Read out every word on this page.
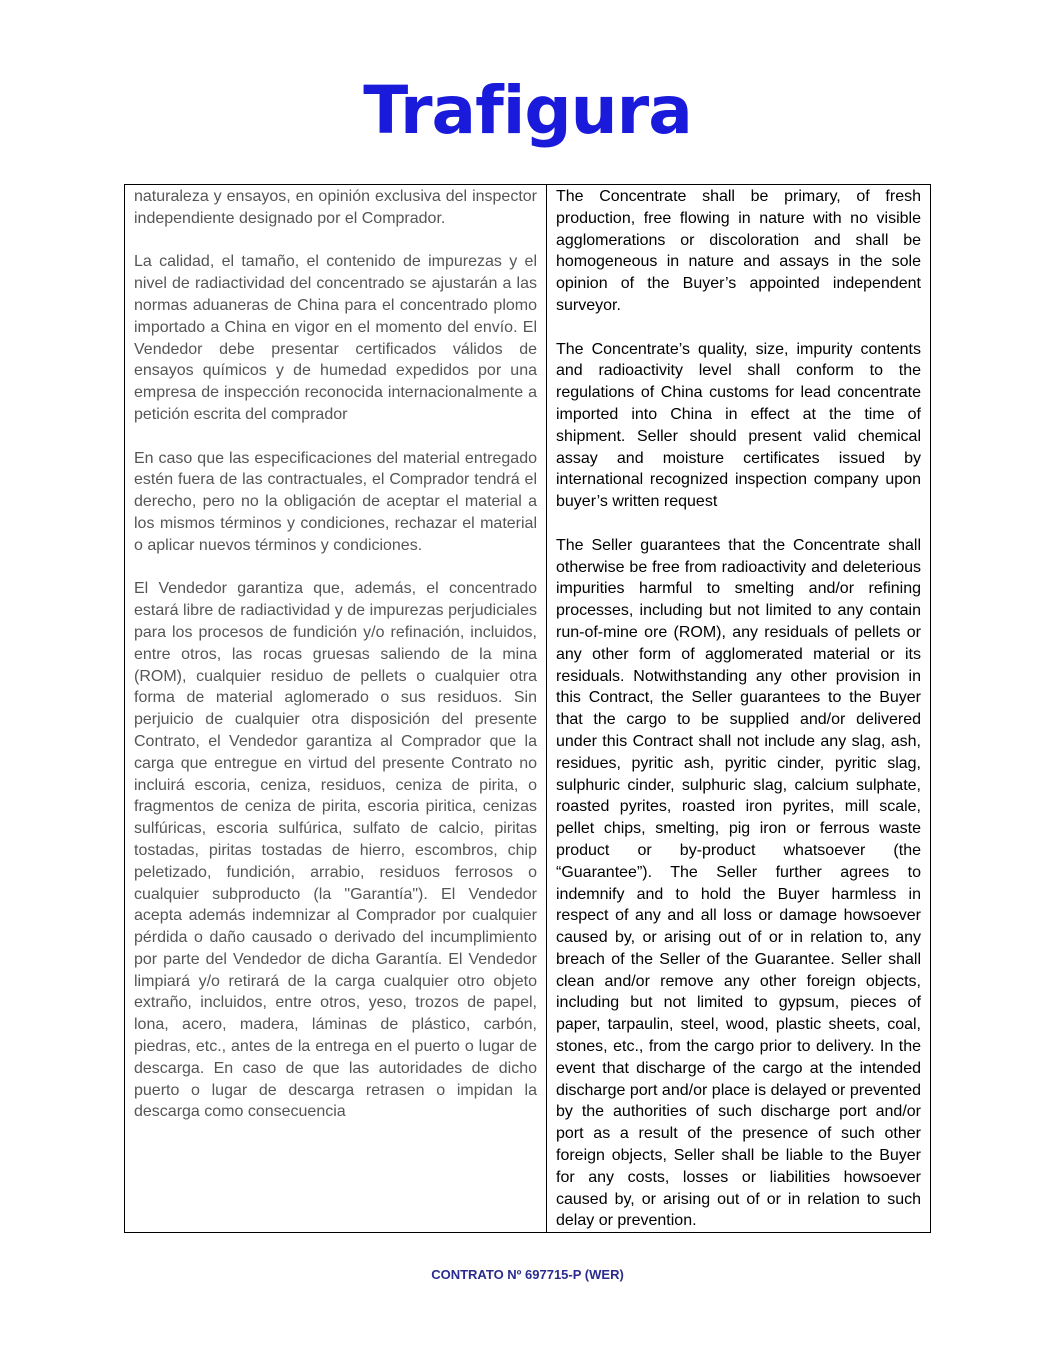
Trafigura

naturaleza y ensayos, en opinión exclusiva del inspector independiente designado por el Comprador.

La calidad, el tamaño, el contenido de impurezas y el nivel de radiactividad del concentrado se ajustarán a las normas aduaneras de China para el concentrado plomo importado a China en vigor en el momento del envío. El Vendedor debe presentar certificados válidos de ensayos químicos y de humedad expedidos por una empresa de inspección reconocida internacionalmente a petición escrita del comprador

En caso que las especificaciones del material entregado estén fuera de las contractuales, el Comprador tendrá el derecho, pero no la obligación de aceptar el material a los mismos términos y condiciones, rechazar el material o aplicar nuevos términos y condiciones.

El Vendedor garantiza que, además, el concentrado estará libre de radiactividad y de impurezas perjudiciales para los procesos de fundición y/o refinación, incluidos, entre otros, las rocas gruesas saliendo de la mina (ROM), cualquier residuo de pellets o cualquier otra forma de material aglomerado o sus residuos. Sin perjuicio de cualquier otra disposición del presente Contrato, el Vendedor garantiza al Comprador que la carga que entregue en virtud del presente Contrato no incluirá escoria, ceniza, residuos, ceniza de pirita, o fragmentos de ceniza de pirita, escoria piritica, cenizas sulfúricas, escoria sulfúrica, sulfato de calcio, piritas tostadas, piritas tostadas de hierro, escombros, chip peletizado, fundición, arrabio, residuos ferrosos o cualquier subproducto (la "Garantía"). El Vendedor acepta además indemnizar al Comprador por cualquier pérdida o daño causado o derivado del incumplimiento por parte del Vendedor de dicha Garantía. El Vendedor limpiará y/o retirará de la carga cualquier otro objeto extraño, incluidos, entre otros, yeso, trozos de papel, lona, acero, madera, láminas de plástico, carbón, piedras, etc., antes de la entrega en el puerto o lugar de descarga. En caso de que las autoridades de dicho puerto o lugar de descarga retrasen o impidan la descarga como consecuencia

The Concentrate shall be primary, of fresh production, free flowing in nature with no visible agglomerations or discoloration and shall be homogeneous in nature and assays in the sole opinion of the Buyer’s appointed independent surveyor.

The Concentrate’s quality, size, impurity contents and radioactivity level shall conform to the regulations of China customs for lead concentrate imported into China in effect at the time of shipment. Seller should present valid chemical assay and moisture certificates issued by international recognized inspection company upon buyer’s written request

The Seller guarantees that the Concentrate shall otherwise be free from radioactivity and deleterious impurities harmful to smelting and/or refining processes, including but not limited to any contain run-of-mine ore (ROM), any residuals of pellets or any other form of agglomerated material or its residuals. Notwithstanding any other provision in this Contract, the Seller guarantees to the Buyer that the cargo to be supplied and/or delivered under this Contract shall not include any slag, ash, residues, pyritic ash, pyritic cinder, pyritic slag, sulphuric cinder, sulphuric slag, calcium sulphate, roasted pyrites, roasted iron pyrites, mill scale, pellet chips, smelting, pig iron or ferrous waste product or by-product whatsoever (the “Guarantee”). The Seller further agrees to indemnify and to hold the Buyer harmless in respect of any and all loss or damage howsoever caused by, or arising out of or in relation to, any breach of the Seller of the Guarantee. Seller shall clean and/or remove any other foreign objects, including but not limited to gypsum, pieces of paper, tarpaulin, steel, wood, plastic sheets, coal, stones, etc., from the cargo prior to delivery. In the event that discharge of the cargo at the intended discharge port and/or place is delayed or prevented by the authorities of such discharge port and/or port as a result of the presence of such other foreign objects, Seller shall be liable to the Buyer for any costs, losses or liabilities howsoever caused by, or arising out of or in relation to such delay or prevention.

CONTRATO Nº 697715-P (WER)
